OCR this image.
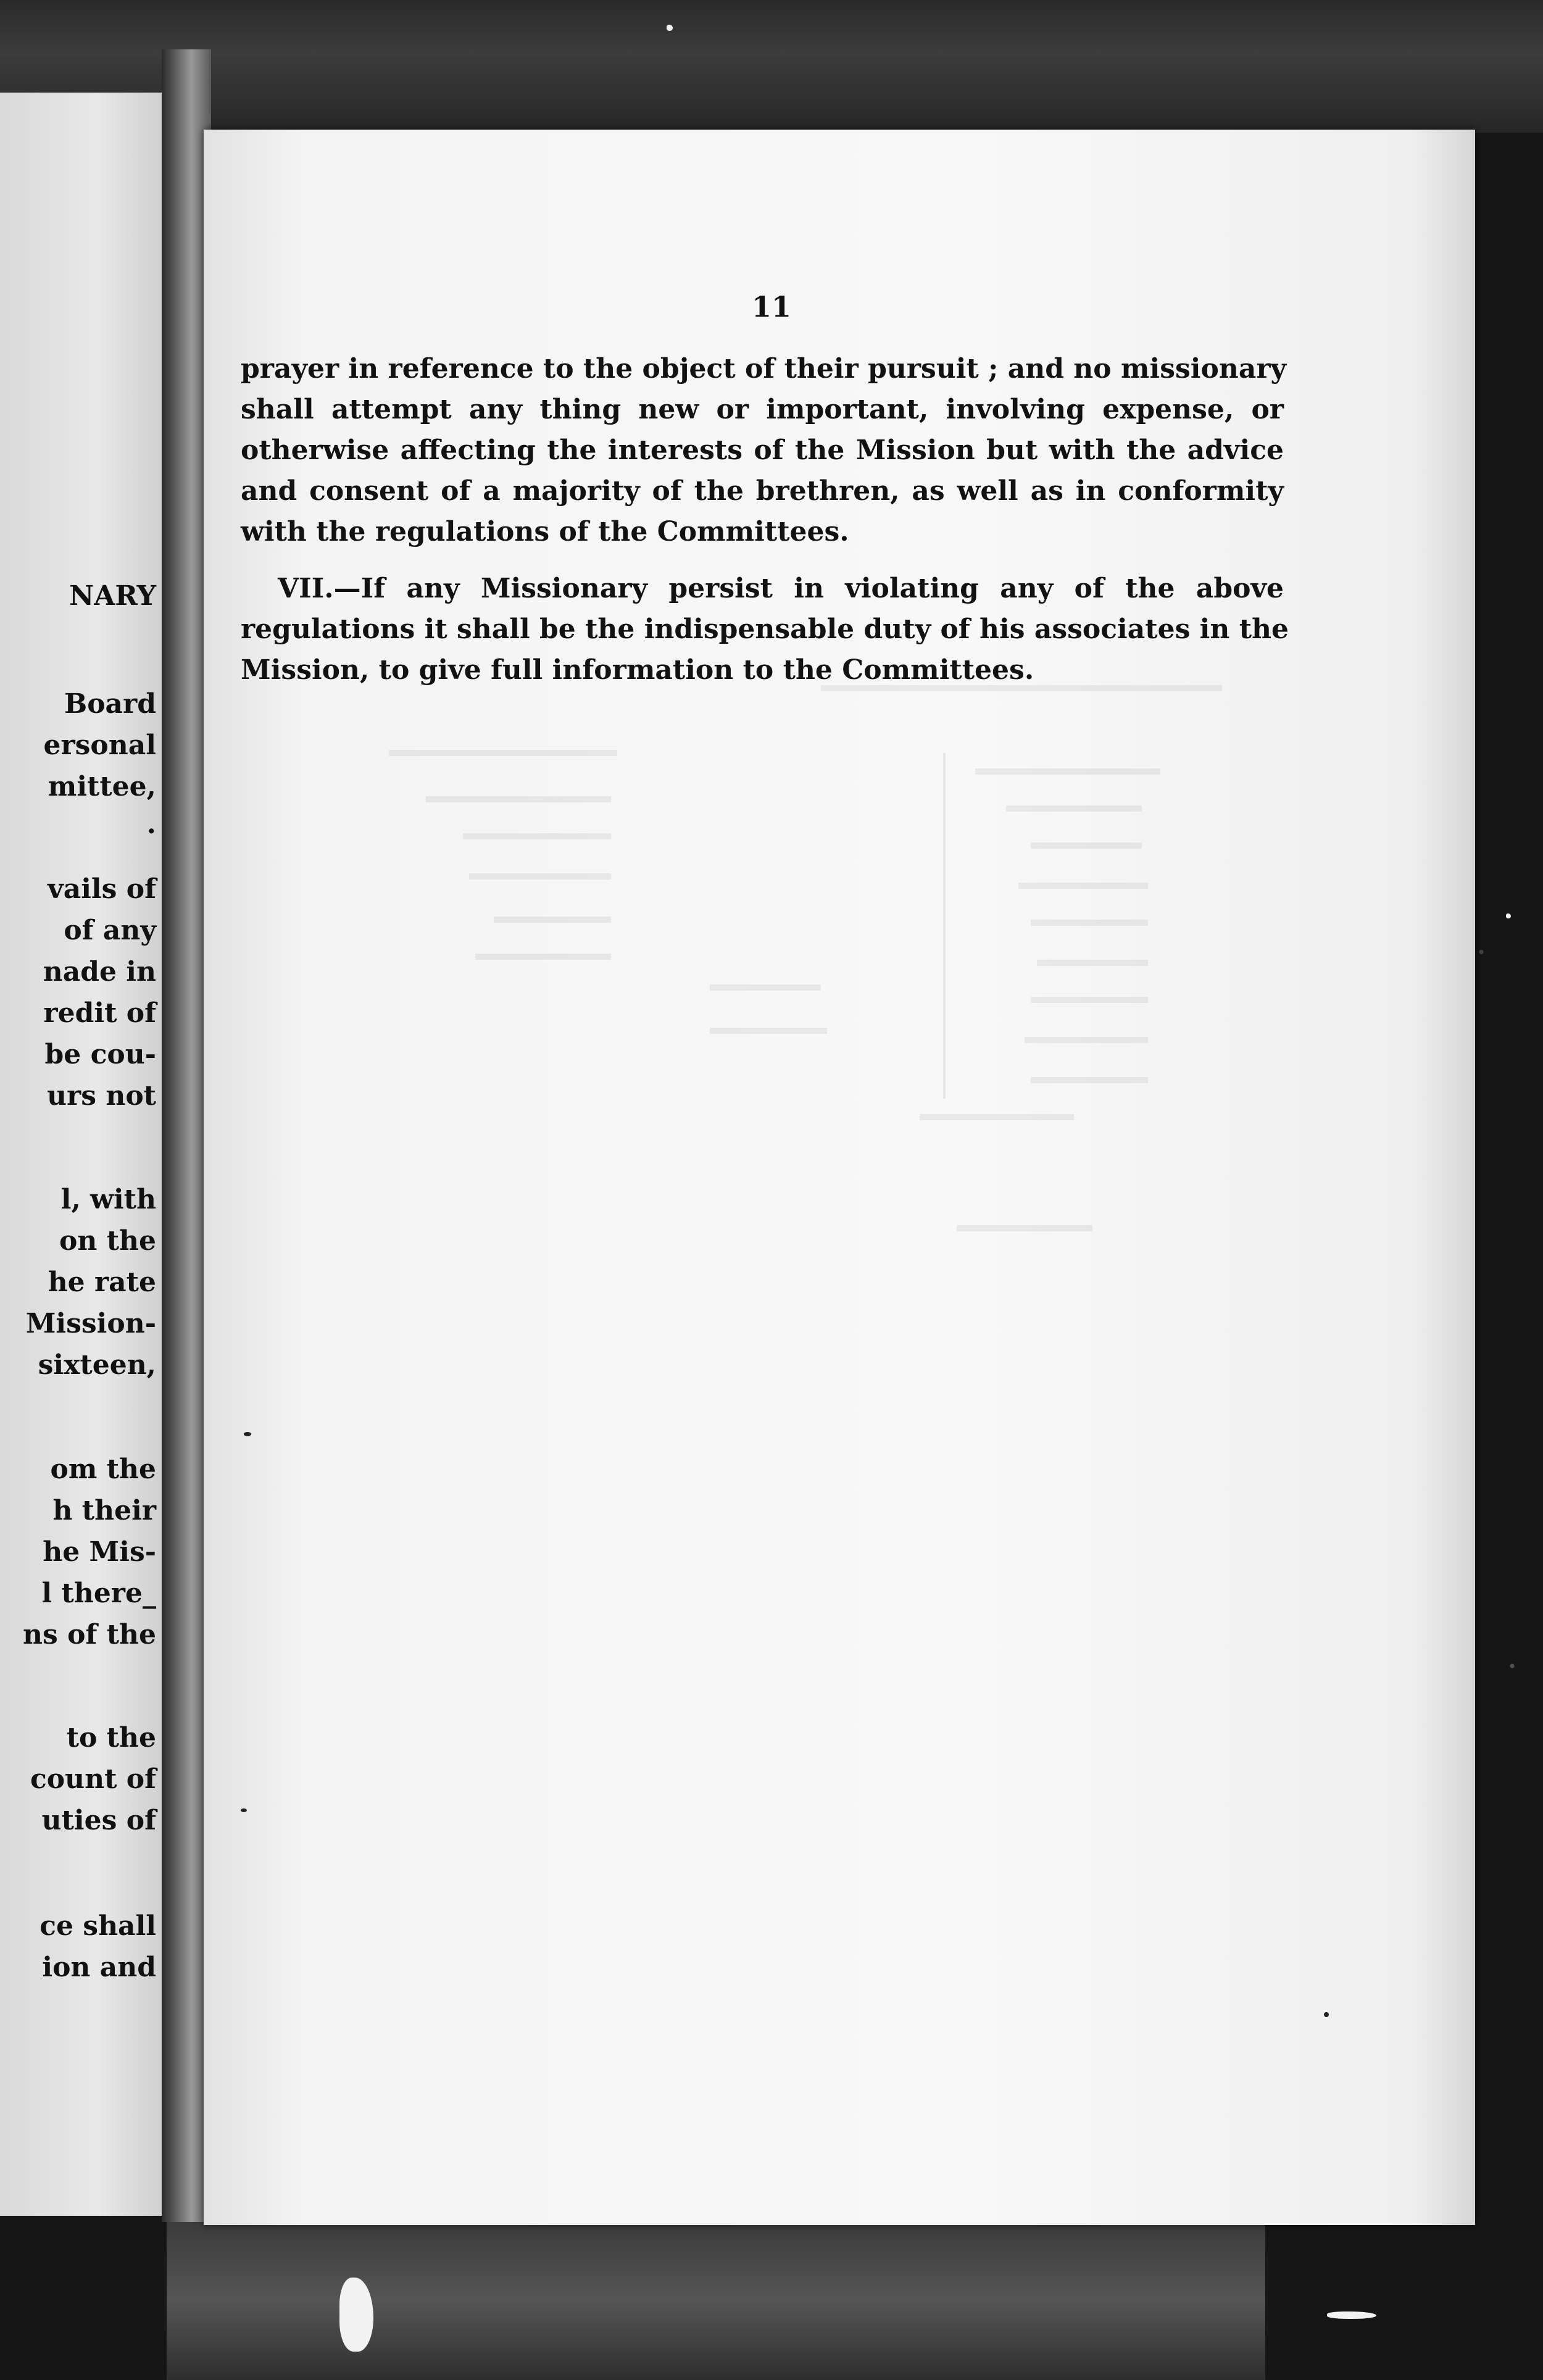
NARY
Board
ersonal
mittee,
.
vails of
of any
nade in
redit of
be cou-
urs not
l, with
on the
he rate
Mission-
sixteen,
om the
h their
he Mis-
l there_
ns of the
to the
count of
uties of
ce shall
ion and
11
prayer in reference to the object of their pursuit ; and no missionary
shall attempt any thing new or important, involving expense, or
otherwise affecting the interests of the Mission but with the advice
and consent of a majority of the brethren, as well as in conformity
with the regulations of the Committees.
VII.—If any Missionary persist in violating any of the above
regulations it shall be the indispensable duty of his associates in the
Mission, to give full information to the Committees.
